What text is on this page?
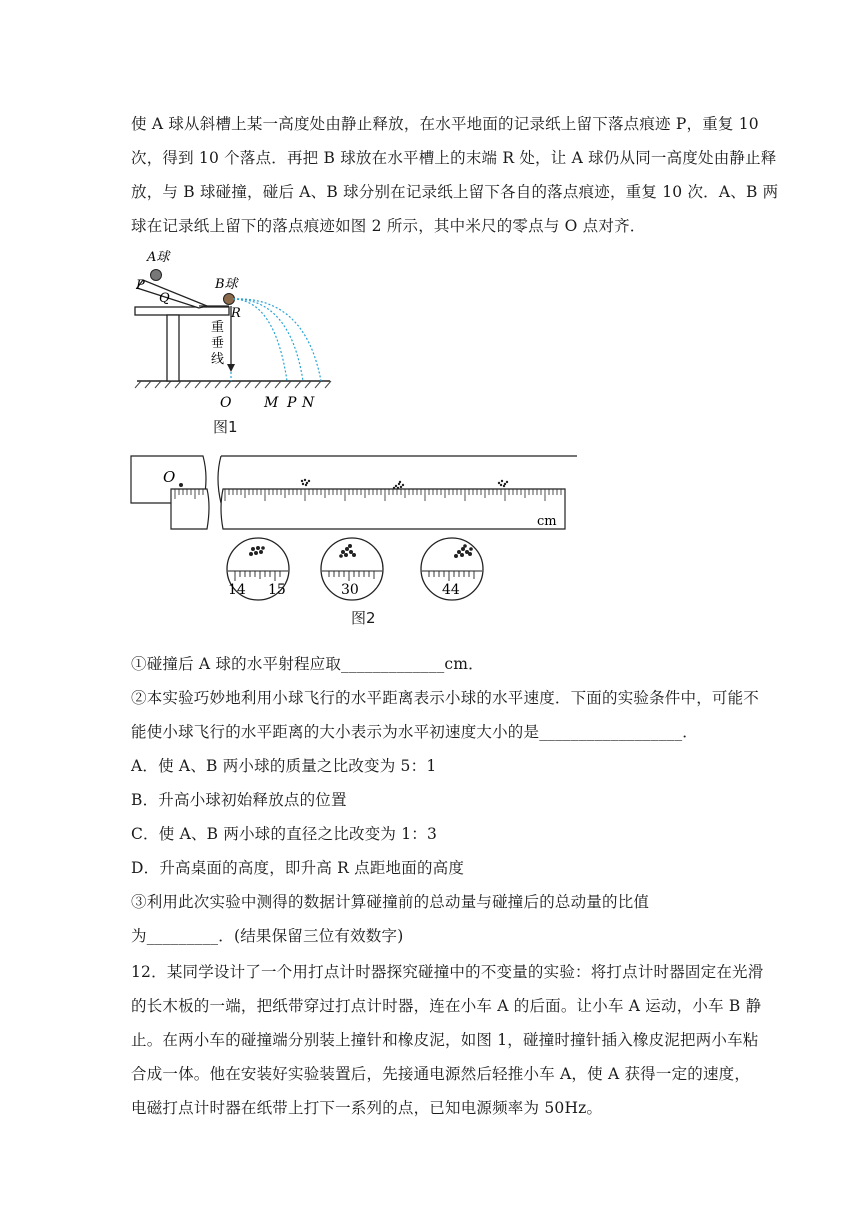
使 A 球从斜槽上某一高度处由静止释放，在水平地面的记录纸上留下落点痕迹 P，重复 10
次，得到 10 个落点．再把 B 球放在水平槽上的末端 R 处，让 A 球仍从同一高度处由静止释
放，与 B 球碰撞，碰后 A、B 球分别在记录纸上留下各自的落点痕迹，重复 10 次．A、B 两
球在记录纸上留下的落点痕迹如图 2 所示，其中米尺的零点与 O 点对齐．
A球
P
Q
B球
R
重
垂
线
O M P N
图1
O
cm
14 15	30	44
图2
①碰撞后 A 球的水平射程应取_____________cm．
②本实验巧妙地利用小球飞行的水平距离表示小球的水平速度．下面的实验条件中，可能不
能使小球飞行的水平距离的大小表示为水平初速度大小的是__________________．
A．使 A、B 两小球的质量之比改变为 5：1
B．升高小球初始释放点的位置
C．使 A、B 两小球的直径之比改变为 1：3
D．升高桌面的高度，即升高 R 点距地面的高度
③利用此次实验中测得的数据计算碰撞前的总动量与碰撞后的总动量的比值
为_________．(结果保留三位有效数字)
12．某同学设计了一个用打点计时器探究碰撞中的不变量的实验：将打点计时器固定在光滑
的长木板的一端，把纸带穿过打点计时器，连在小车 A 的后面。让小车 A 运动，小车 B 静
止。在两小车的碰撞端分别装上撞针和橡皮泥，如图 1，碰撞时撞针插入橡皮泥把两小车粘
合成一体。他在安装好实验装置后，先接通电源然后轻推小车 A，使 A 获得一定的速度，
电磁打点计时器在纸带上打下一系列的点，已知电源频率为 50Hz。
